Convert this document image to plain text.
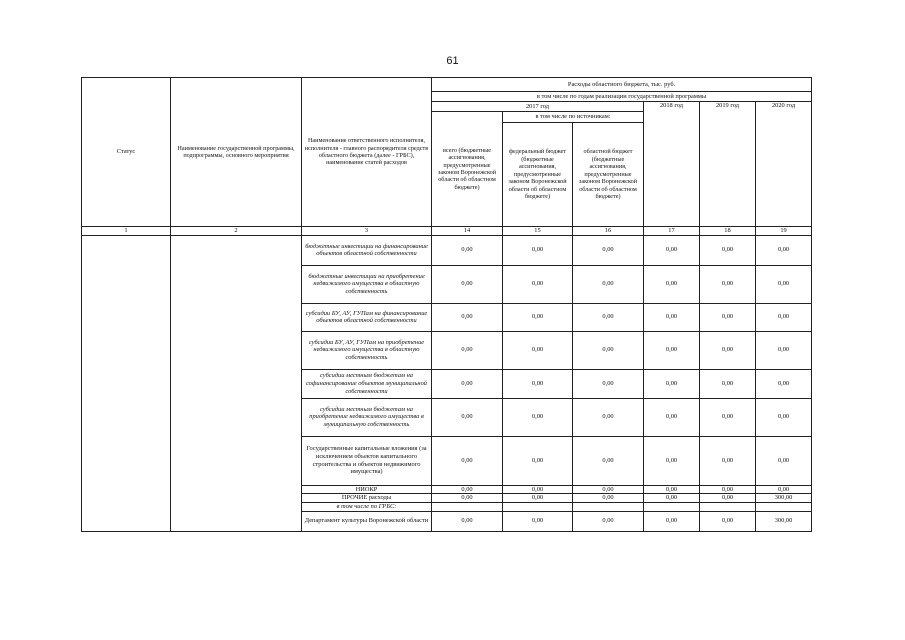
61
Статус	Наименование государственной программы, подпрограммы, основного мероприятия	Наименование ответственного исполнителя, исполнителя - главного распорядителя средств областного бюджета (далее - ГРБС), наименование статей расходов	Расходы областного бюджета, тыс. руб.					
			в том числе по годам реализации государственной программы					
			2017 год			2018 год	2019 год	2020 год
			всего (бюджетные ассигнования, предусмотренные законом Воронежской области об областном бюджете)	в том числе по источникам:				
				федеральный бюджет (бюджетные ассигнования, предусмотренные законом Воронежской области об областном бюджете)	областной бюджет (бюджетные ассигнования, предусмотренные законом Воронежской области об областном бюджете)			
1	2	3	14	15	16	17	18	19
		бюджетные инвестиции на финансирование объектов областной собственности	0,00	0,00	0,00	0,00	0,00	0,00
		бюджетные инвестиции на приобретение недвижимого имущества в областную собственность	0,00	0,00	0,00	0,00	0,00	0,00
		субсидии БУ, АУ, ГУПам на финансирование объектов областной собственности	0,00	0,00	0,00	0,00	0,00	0,00
		субсидии БУ, АУ, ГУПам на приобретение недвижимого имущества в областную собственность	0,00	0,00	0,00	0,00	0,00	0,00
		субсидии местным бюджетам на софинансирование объектов муниципальной собственности	0,00	0,00	0,00	0,00	0,00	0,00
		субсидии местным бюджетам на приобретение недвижимого имущества в муниципальную собственность	0,00	0,00	0,00	0,00	0,00	0,00
		Государственные капитальные вложения (за исключением объектов капитального строительства и объектов недвижимого имущества)	0,00	0,00	0,00	0,00	0,00	0,00
		НИОКР	0,00	0,00	0,00	0,00	0,00	0,00
		ПРОЧИЕ расходы	0,00	0,00	0,00	0,00	0,00	300,00
		в том числе по ГРБС:						
		Департамент культуры Воронежской области	0,00	0,00	0,00	0,00	0,00	300,00
